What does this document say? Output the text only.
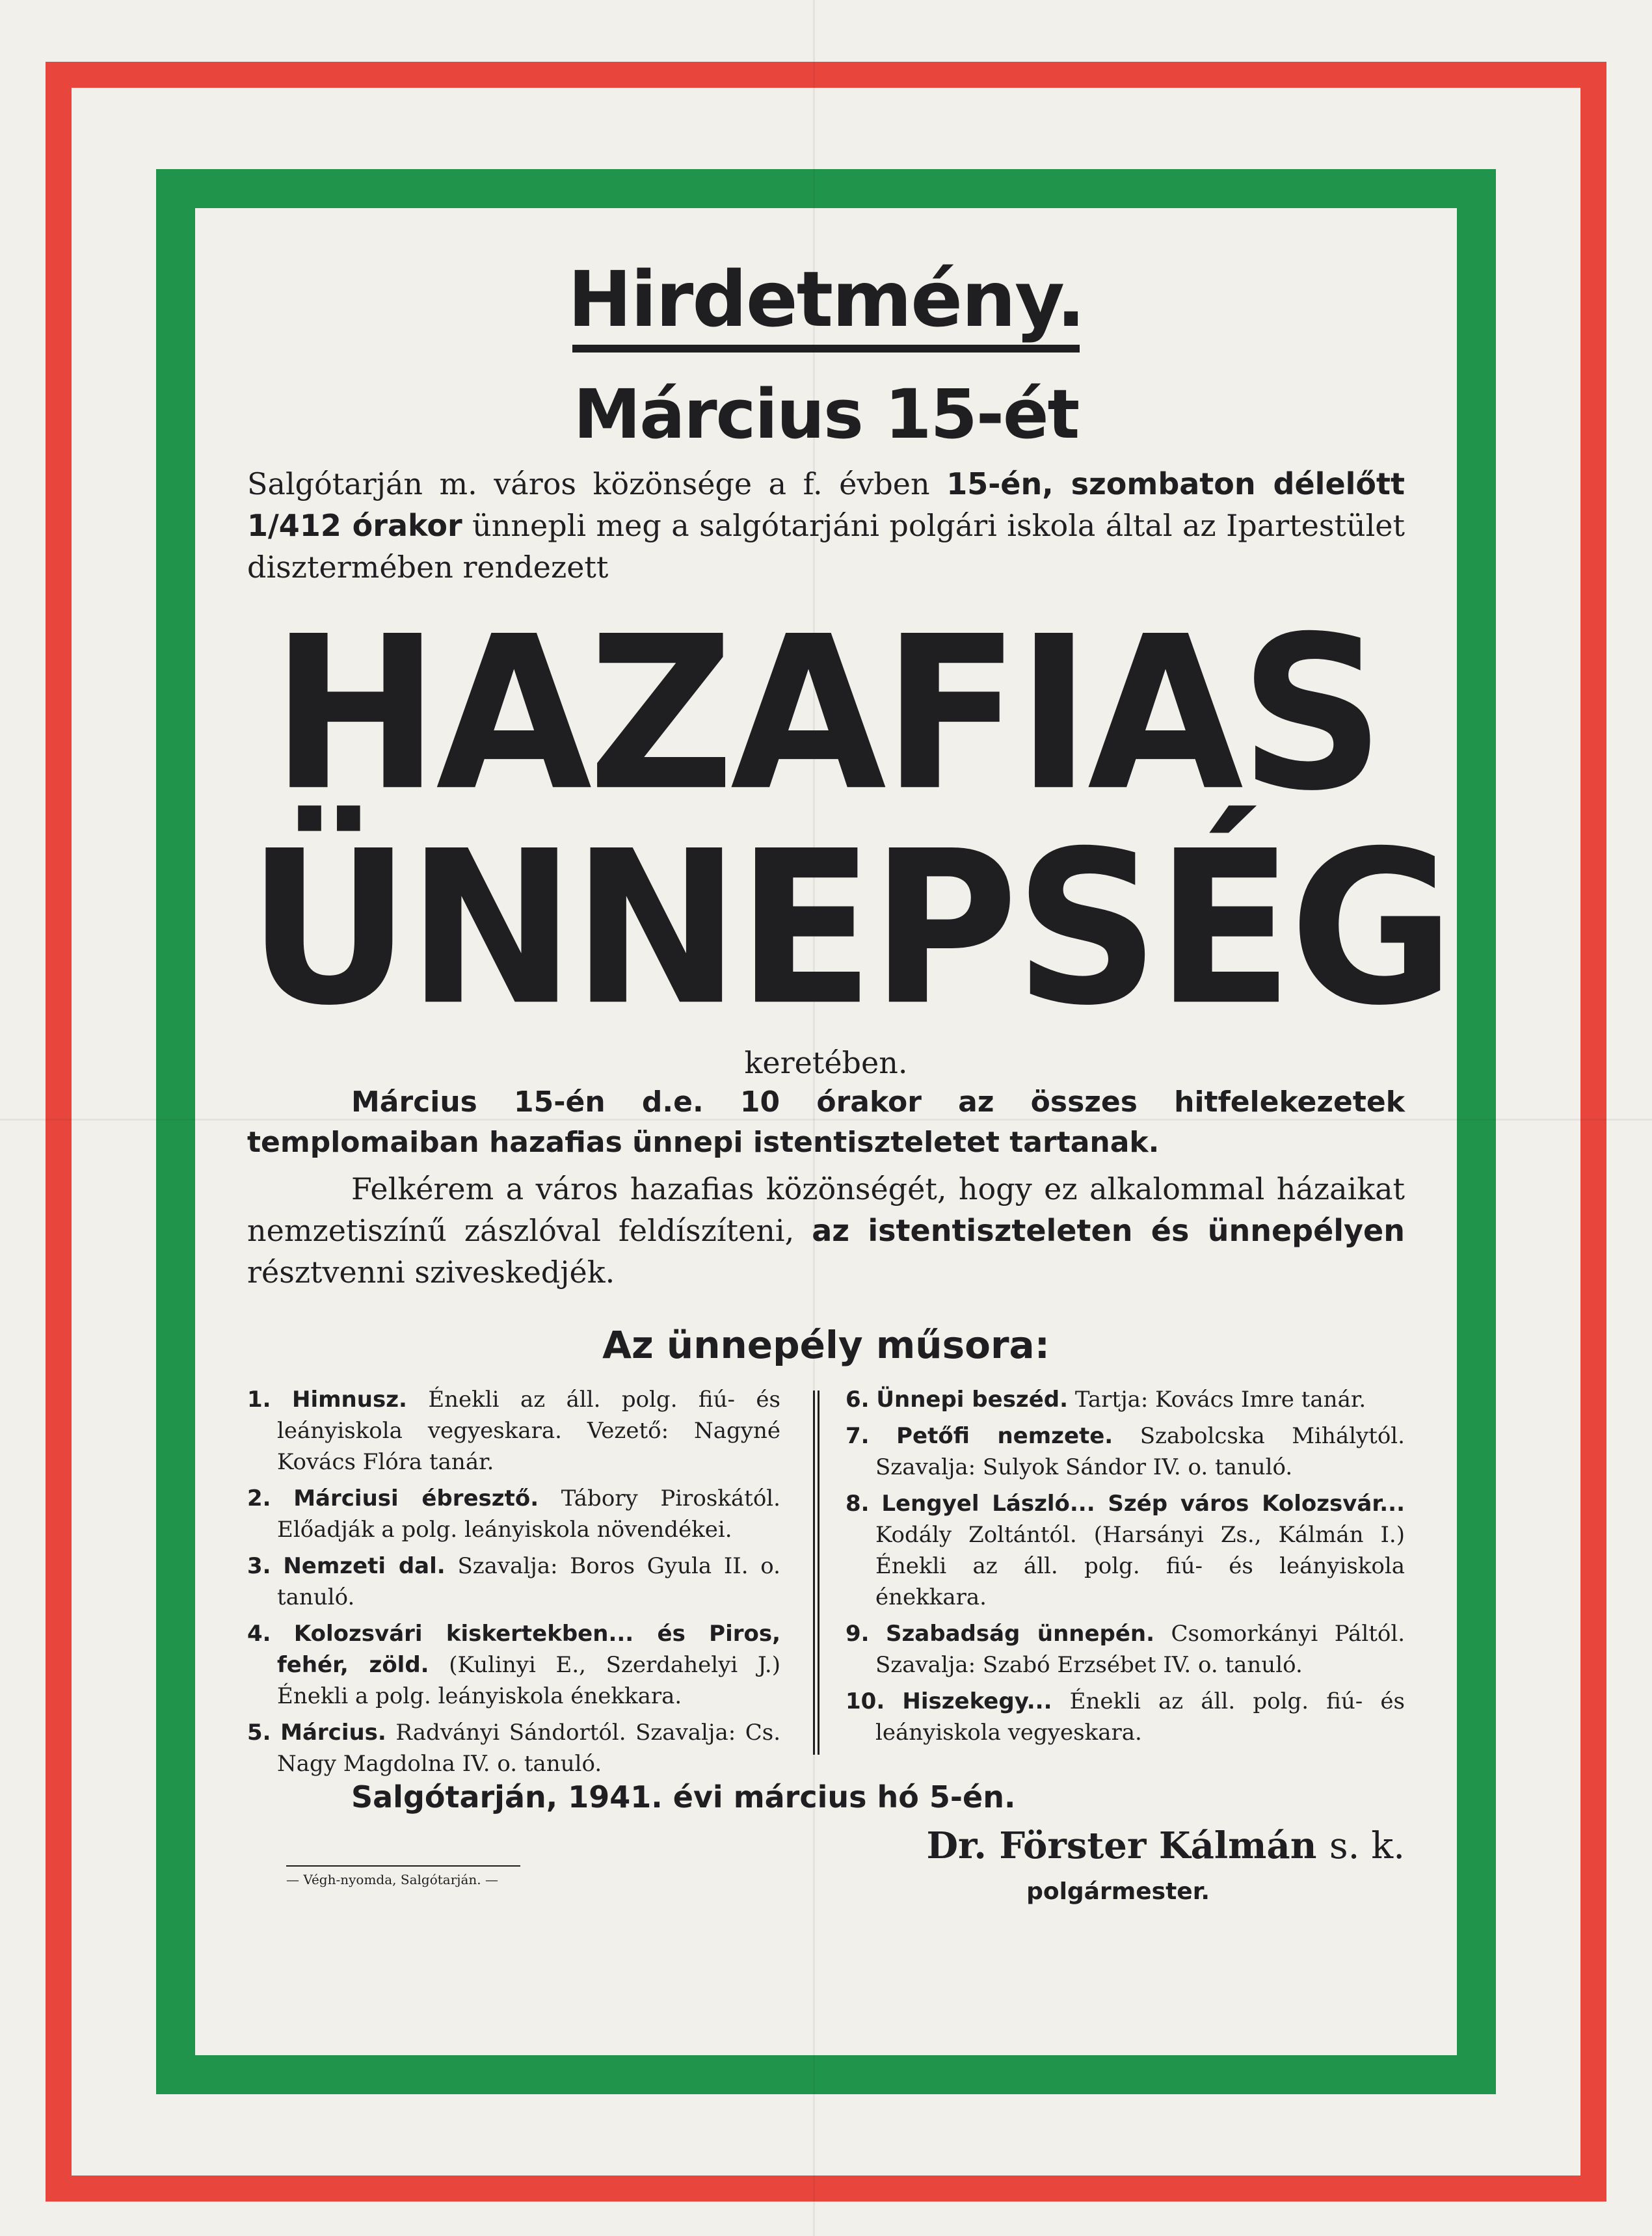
Hirdetmény.
Március 15-ét

Salgótarján m. város közönsége a f. évben 15-én, szombaton délelőtt 1/412 órakor ünnepli meg a salgótarjáni polgári iskola által az Ipartestület disztermében rendezett

HAZAFIAS
ÜNNEPSÉG

keretében.

Március 15-én d.e. 10 órakor az összes hitfelekezetek templomaiban hazafias ünnepi istentiszteletet tartanak.

Felkérem a város hazafias közönségét, hogy ez alkalommal házaikat nemzetiszínű zászlóval feldíszíteni, az istentiszteleten és ünnepélyen résztvenni sziveskedjék.

Az ünnepély műsora:

1. Himnusz. Énekli az áll. polg. fiú- és leányiskola vegyeskara. Vezető: Nagyné Kovács Flóra tanár.

2. Márciusi ébresztő. Tábory Piroskától. Előadják a polg. leányiskola növendékei.

3. Nemzeti dal. Szavalja: Boros Gyula II. o. tanuló.

4. Kolozsvári kiskertekben... és Piros, fehér, zöld. (Kulinyi E., Szerdahelyi J.) Énekli a polg. leányiskola énekkara.

5. Március. Radványi Sándortól. Szavalja: Cs. Nagy Magdolna IV. o. tanuló.

6. Ünnepi beszéd. Tartja: Kovács Imre tanár.

7. Petőfi nemzete. Szabolcska Mihálytól. Szavalja: Sulyok Sándor IV. o. tanuló.

8. Lengyel László... Szép város Kolozsvár... Kodály Zoltántól. (Harsányi Zs., Kálmán I.) Énekli az áll. polg. fiú- és leányiskola énekkara.

9. Szabadság ünnepén. Csomorkányi Páltól. Szavalja: Szabó Erzsébet IV. o. tanuló.

10. Hiszekegy... Énekli az áll. polg. fiú- és leányiskola vegyeskara.

Salgótarján, 1941. évi március hó 5-én.
— Végh-nyomda, Salgótarján. —
Dr. Förster Kálmán s. k.
polgármester.
